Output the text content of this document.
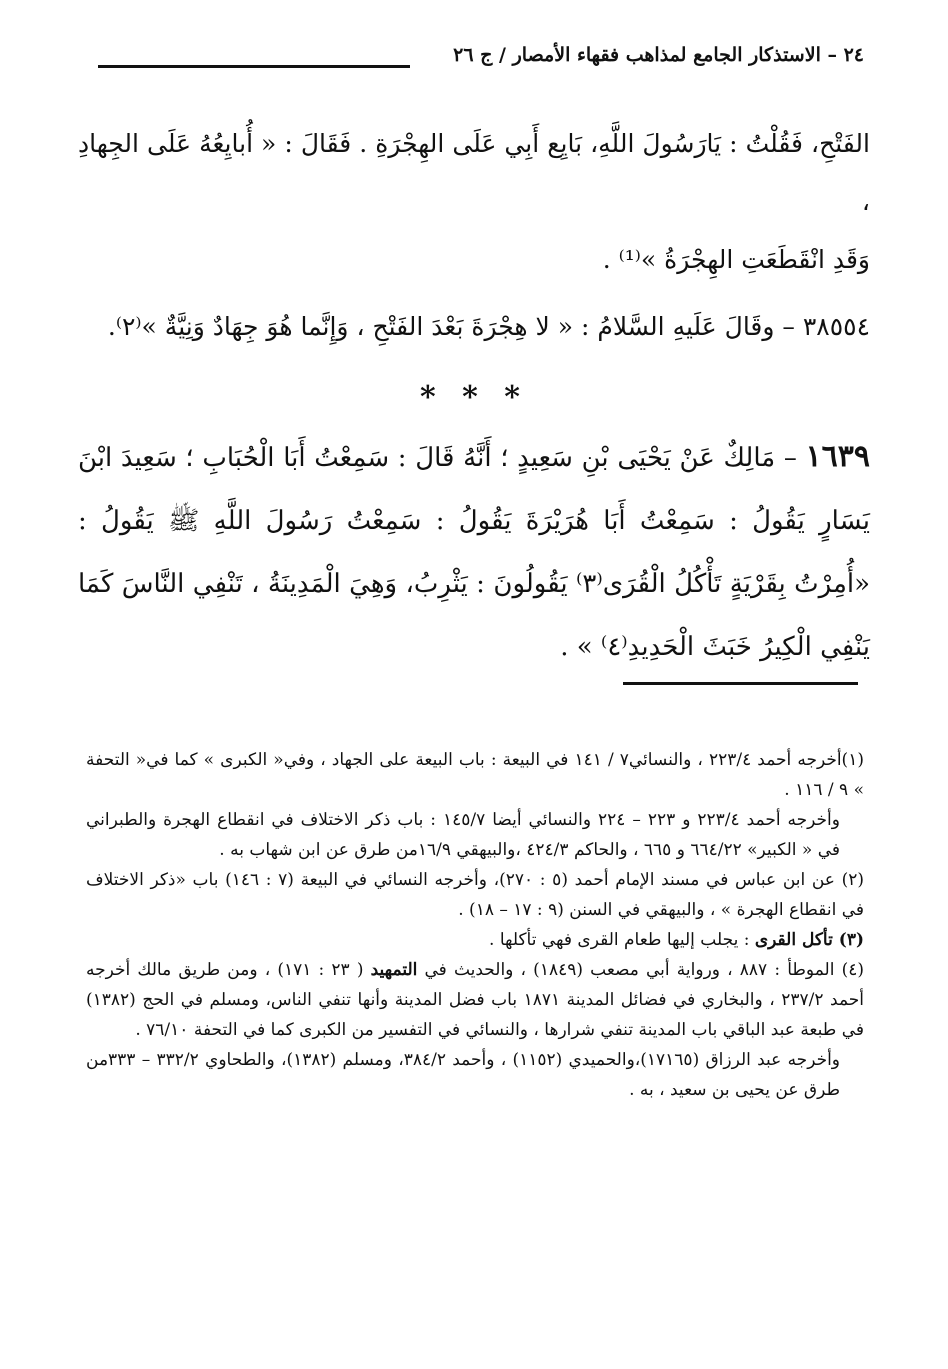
٢٤ – الاستذكار الجامع لمذاهب فقهاء الأمصار / ج ٢٦

الفَتْحِ، فَقُلْتُ : يَارَسُولَ اللَّهِ، بَايِع أَبِي عَلَى الهِجْرَةِ . فَقَالَ : « أُبايِعُهُ عَلَى الجِهادِ ،

وَقَدِ انْقَطَعَتِ الهِجْرَةُ »⁽¹⁾ .

٣٨٥٥٤ – وقَالَ عَلَيهِ السَّلامُ : « لا هِجْرَةَ بَعْدَ الفَتْحِ ، وَإِنَّما هُوَ جِهَادٌ وَنِيَّةٌ »⁽٢⁾.

* * *

١٦٣٩ – مَالِكٌ عَنْ يَحْيَى بْنِ سَعِيدٍ ؛ أَنَّهُ قَالَ : سَمِعْتُ أَبَا الْحُبَابِ ؛ سَعِيدَ ابْنَ يَسَارٍ يَقُولُ : سَمِعْتُ أَبَا هُرَيْرَةَ يَقُولُ : سَمِعْتُ رَسُولَ اللَّهِ ﷺ يَقُولُ : «أُمِرْتُ بِقَرْيَةٍ تَأْكُلُ الْقُرَى⁽٣⁾ يَقُولُونَ : يَثْرِبُ، وَهِيَ الْمَدِينَةُ ، تَنْفِي النَّاسَ كَمَا يَنْفِي الْكِيرُ خَبَثَ الْحَدِيدِ⁽٤⁾ » .

(١)أخرجه أحمد ٢٢٣/٤ ، والنسائي٧ / ١٤١ في البيعة : باب البيعة على الجهاد ، وفي« الكبرى » كما في« التحفة » ٩ / ١١٦ .

وأخرجه أحمد ٢٢٣/٤ و ٢٢٣ – ٢٢٤ والنسائي أيضا ١٤٥/٧ : باب ذكر الاختلاف في انقطاع الهجرة والطبراني في « الكبير» ٦٦٤/٢٢ و ٦٦٥ ، والحاكم ٤٢٤/٣ ،والبيهقي ١٦/٩من طرق عن ابن شهاب به .

(٢) عن ابن عباس في مسند الإمام أحمد (٥ : ٢٧٠)، وأخرجه النسائي في البيعة (٧ : ١٤٦) باب «ذكر الاختلاف في انقطاع الهجرة » ، والبيهقي في السنن (٩ : ١٧ – ١٨) .

(٣) تأكل القرى : يجلب إليها طعام القرى فهي تأكلها .

(٤) الموطأ : ٨٨٧ ، ورواية أبي مصعب (١٨٤٩) ، والحديث في التمهيد ( ٢٣ : ١٧١) ، ومن طريق مالك أخرجه أحمد ٢٣٧/٢ ، والبخاري في فضائل المدينة ١٨٧١ باب فضل المدينة وأنها تنفي الناس، ومسلم في الحج (١٣٨٢) في طبعة عبد الباقي باب المدينة تنفي شرارها ، والنسائي في التفسير من الكبرى كما في التحفة ٧٦/١٠ .

وأخرجه عبد الرزاق (١٧١٦٥)،والحميدي (١١٥٢) ، وأحمد ٣٨٤/٢، ومسلم (١٣٨٢)، والطحاوي ٣٣٢/٢ – ٣٣٣من طرق عن يحيى بن سعيد ، به .
